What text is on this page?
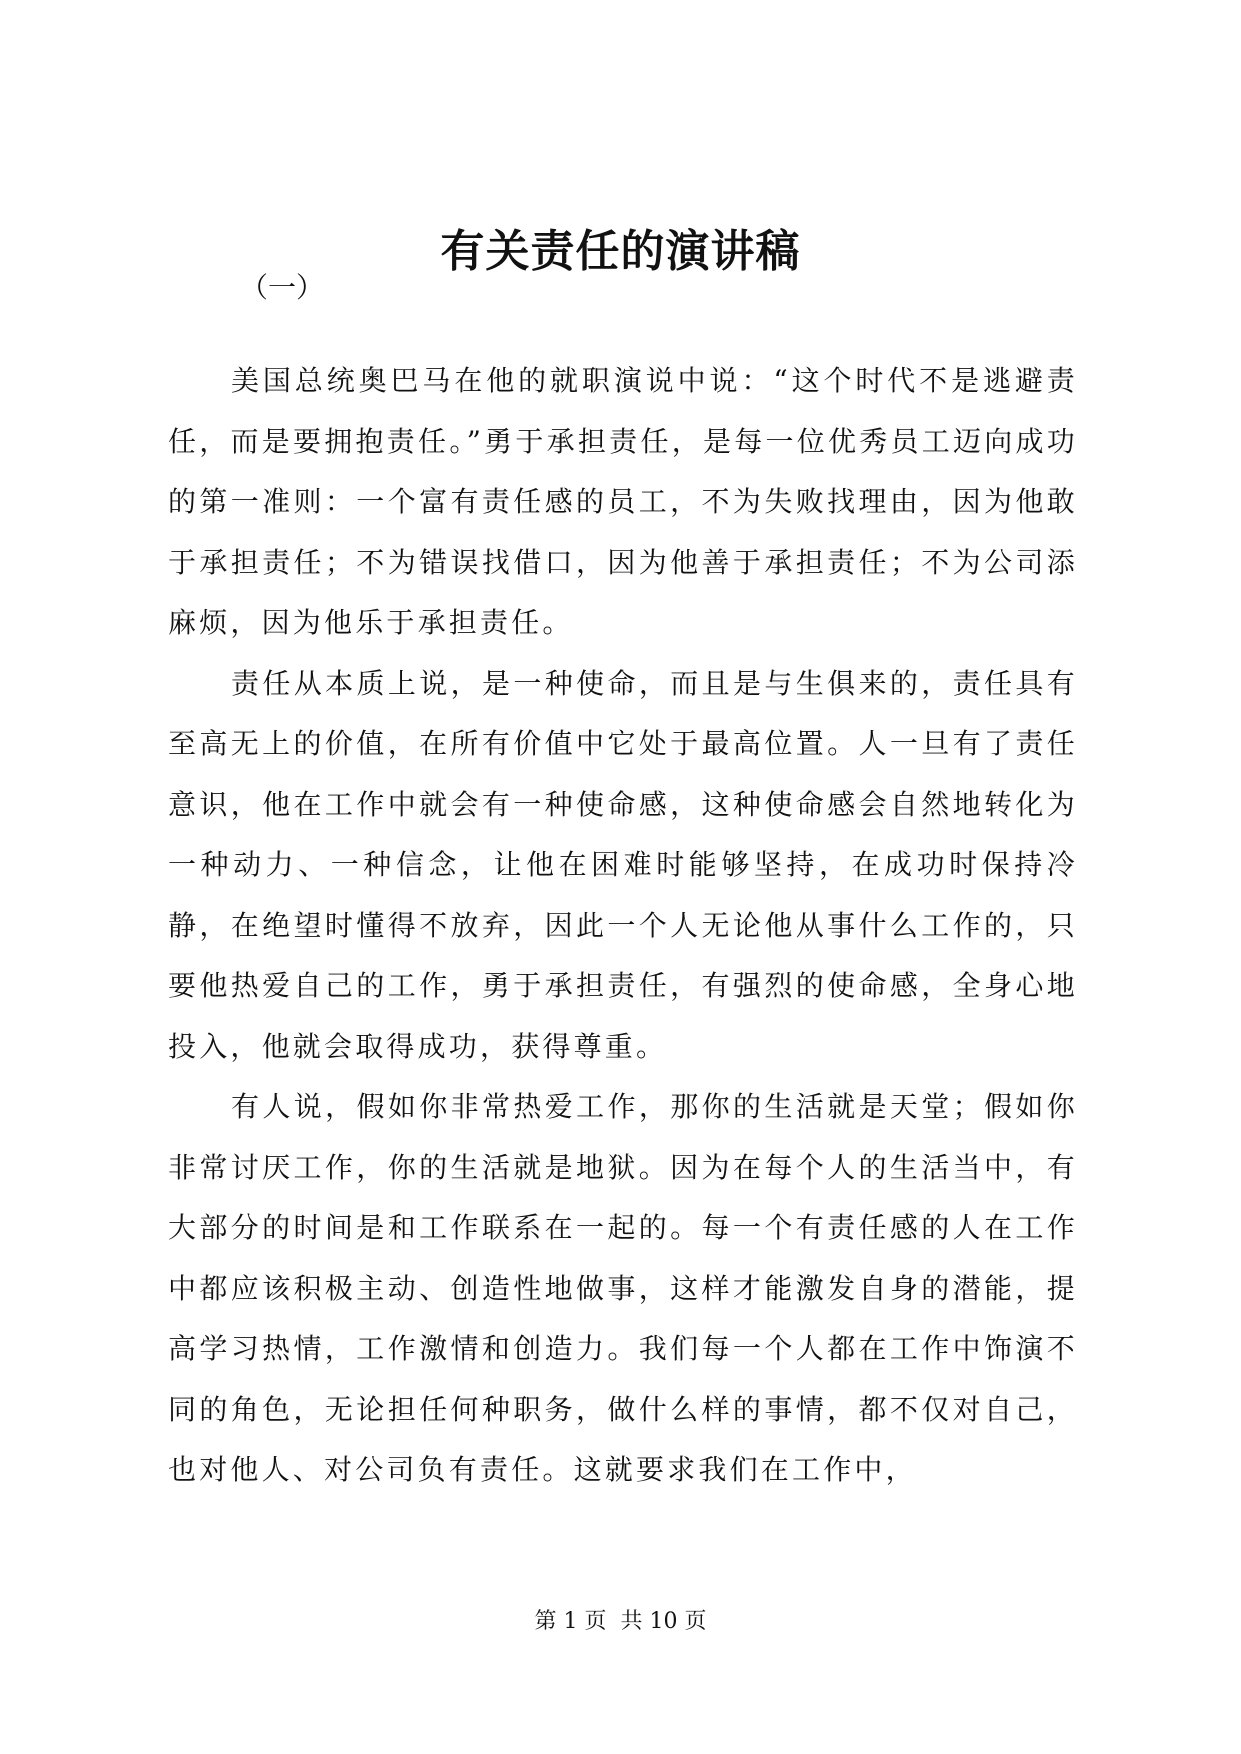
有关责任的演讲稿
（一）

美国总统奥巴马在他的就职演说中说：“这个时代不是逃避责任，而是要拥抱责任。”勇于承担责任，是每一位优秀员工迈向成功的第一准则：一个富有责任感的员工，不为失败找理由，因为他敢于承担责任；不为错误找借口，因为他善于承担责任；不为公司添麻烦，因为他乐于承担责任。

责任从本质上说，是一种使命，而且是与生俱来的，责任具有至高无上的价值，在所有价值中它处于最高位置。人一旦有了责任意识，他在工作中就会有一种使命感，这种使命感会自然地转化为一种动力、一种信念，让他在困难时能够坚持，在成功时保持冷静，在绝望时懂得不放弃，因此一个人无论他从事什么工作的，只要他热爱自己的工作，勇于承担责任，有强烈的使命感，全身心地投入，他就会取得成功，获得尊重。

有人说，假如你非常热爱工作，那你的生活就是天堂；假如你非常讨厌工作，你的生活就是地狱。因为在每个人的生活当中，有大部分的时间是和工作联系在一起的。每一个有责任感的人在工作中都应该积极主动、创造性地做事，这样才能激发自身的潜能，提高学习热情，工作激情和创造力。我们每一个人都在工作中饰演不同的角色，无论担任何种职务，做什么样的事情，都不仅对自己，也对他人、对公司负有责任。这就要求我们在工作中，

第 1 页  共 10 页
